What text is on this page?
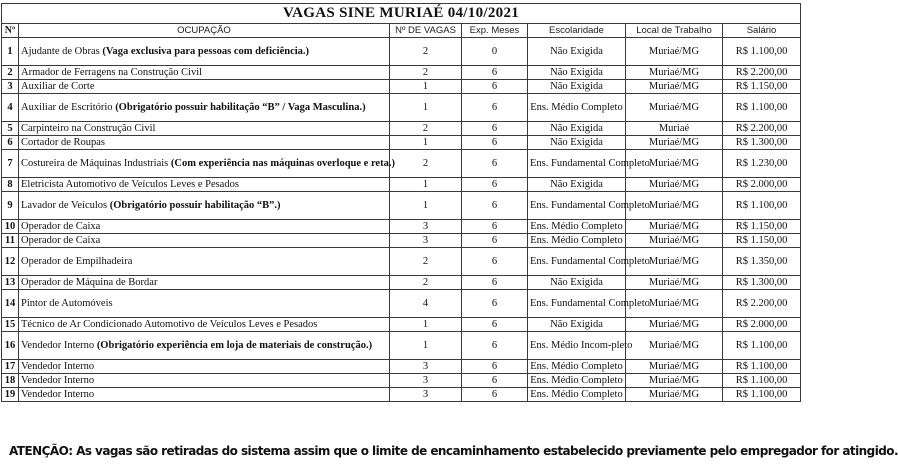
VAGAS SINE MURIAÉ 04/10/2021						
Nº	OCUPAÇÃO	Nº DE VAGAS	Exp. Meses	Escolaridade	Local de Trabalho	Salário
1	Ajudante de Obras (Vaga exclusiva para pessoas com deficiência.)	2	0	Não Exigida	Muriaé/MG	R$ 1.100,00
2	Armador de Ferragens na Construção Civil	2	6	Não Exigida	Muriaé/MG	R$ 2.200,00
3	Auxiliar de Corte	1	6	Não Exigida	Muriaé/MG	R$ 1.150,00
4	Auxiliar de Escritório (Obrigatório possuir habilitação “B” / Vaga Masculina.)	1	6	Ens. Médio Completo	Muriaé/MG	R$ 1.100,00
5	Carpinteiro na Construção Civil	2	6	Não Exigida	Muriaé	R$ 2.200,00
6	Cortador de Roupas	1	6	Não Exigida	Muriaé/MG	R$ 1.300,00
7	Costureira de Máquinas Industriais (Com experiência nas máquinas overloque e reta.)	2	6	Ens. Fundamental Completo	Muriaé/MG	R$ 1.230,00
8	Eletricista Automotivo de Veículos Leves e Pesados	1	6	Não Exigida	Muriaé/MG	R$ 2.000,00
9	Lavador de Veículos (Obrigatório possuir habilitação “B”.)	1	6	Ens. Fundamental Completo	Muriaé/MG	R$ 1.100,00
10	Operador de Caixa	3	6	Ens. Médio Completo	Muriaé/MG	R$ 1.150,00
11	Operador de Caixa	3	6	Ens. Médio Completo	Muriaé/MG	R$ 1.150,00
12	Operador de Empilhadeira	2	6	Ens. Fundamental Completo	Muriaé/MG	R$ 1.350,00
13	Operador de Máquina de Bordar	2	6	Não Exigida	Muriaé/MG	R$ 1.300,00
14	Pintor de Automóveis	4	6	Ens. Fundamental Completo	Muriaé/MG	R$ 2.200,00
15	Técnico de Ar Condicionado Automotivo de Veículos Leves e Pesados	1	6	Não Exigida	Muriaé/MG	R$ 2.000,00
16	Vendedor Interno (Obrigatório experiência em loja de materiais de construção.)	1	6	Ens. Médio Incom-pleto	Muriaé/MG	R$ 1.100,00
17	Vendedor Interno	3	6	Ens. Médio Completo	Muriaé/MG	R$ 1.100,00
18	Vendedor Interno	3	6	Ens. Médio Completo	Muriaé/MG	R$ 1.100,00
19	Vendedor Interno	3	6	Ens. Médio Completo	Muriaé/MG	R$ 1.100,00
ATENÇÃO: As vagas são retiradas do sistema assim que o limite de encaminhamento estabelecido previamente pelo empregador for atingido.
